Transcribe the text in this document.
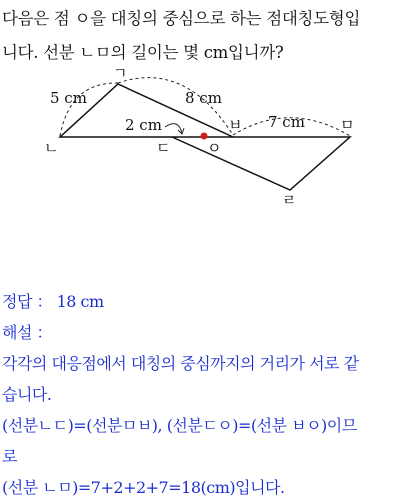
다음은 점 ㅇ을 대칭의 중심으로 하는 점대칭도형입
니다. 선분 ㄴㅁ의 길이는 몇 cm입니까?
ㄱ
ㄴ	ㄷ ㅇ
ㅂ	ㅁ
ㄹ
5 cm	8 cm
2 cm	7 cm
정답 ： 18 cm
해설 ：
각각의 대응점에서 대칭의 중심까지의 거리가 서로 같
습니다.
(선분ㄴㄷ)=(선분ㅁㅂ), (선분ㄷㅇ)=(선분 ㅂㅇ)이므
로
(선분 ㄴㅁ)=7+2+2+7=18(cm)입니다.
